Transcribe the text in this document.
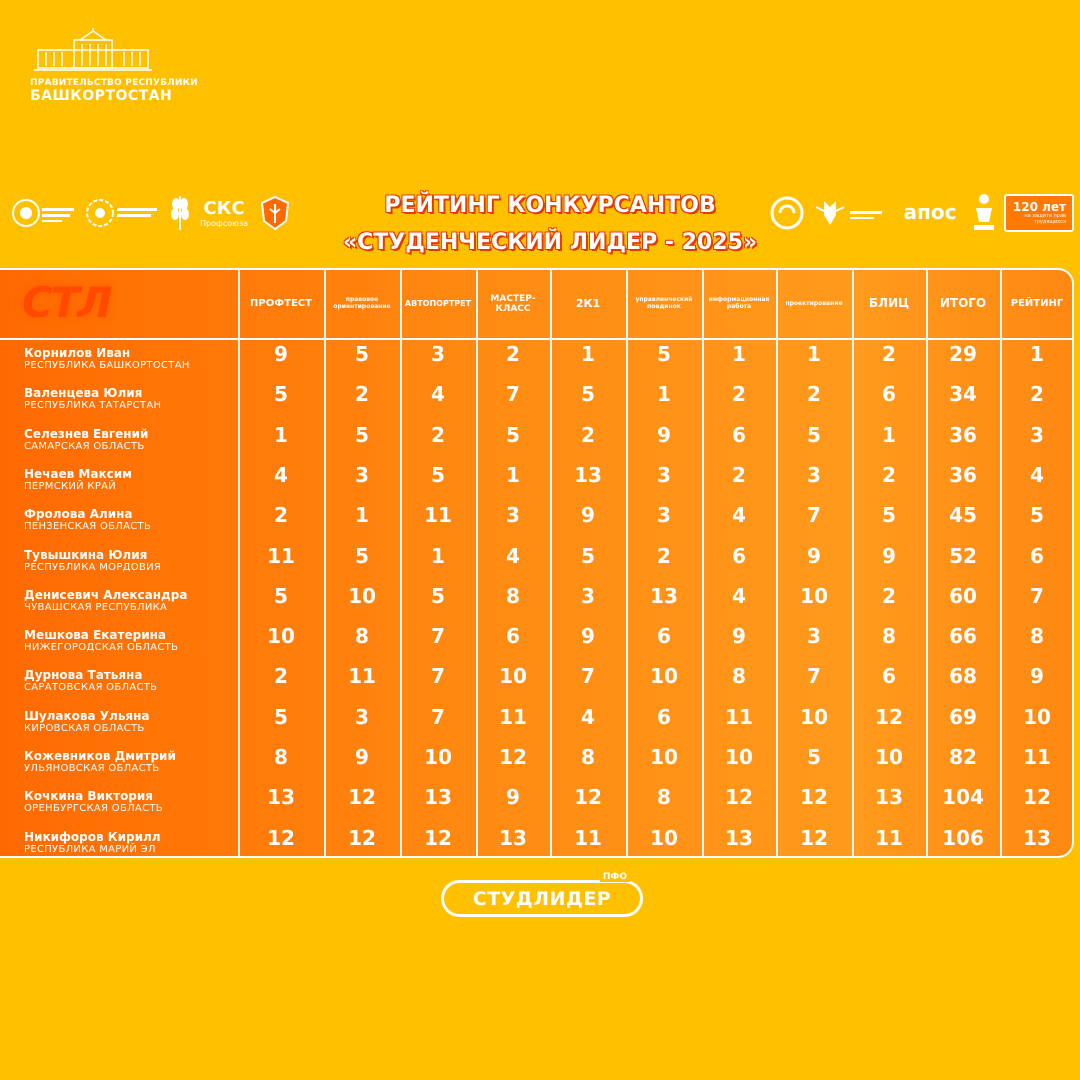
ПРАВИТЕЛЬСТВО РЕСПУБЛИКИ
БАШКОРТОСТАН
СКС
Профсоюза
РЕЙТИНГ КОНКУРСАНТОВ
«СТУДЕНЧЕСКИЙ ЛИДЕР - 2025»
апос	120 лет
на защите прав трудящихся
СТЛ	ПРОФТЕСТ	правовое ориентирование	АВТОПОРТРЕТ
МАСТЕР-КЛАСС	2К1	управленческий поединок
информационная работа	проектирование	БЛИЦ	ИТОГО	РЕЙТИНГ
Корнилов Иван
РЕСПУБЛИКА БАШКОРТОСТАН	9	5	3	2	1	5	1	1	2	29	1
Валенцева Юлия
РЕСПУБЛИКА ТАТАРСТАН	5	2	4	7	5	1	2	2	6	34	2
Селезнев Евгений
САМАРСКАЯ ОБЛАСТЬ	1	5	2	5	2	9	6	5	1	36	3
Нечаев Максим
ПЕРМСКИЙ КРАЙ	4	3	5	1	13	3	2	3	2	36	4
Фролова Алина
ПЕНЗЕНСКАЯ ОБЛАСТЬ	2	1	11	3	9	3	4	7	5	45	5
Тувышкина Юлия
РЕСПУБЛИКА МОРДОВИЯ	11	5	1	4	5	2	6	9	9	52	6
Денисевич Александра
ЧУВАШСКАЯ РЕСПУБЛИКА	5	10	5	8	3	13	4	10	2	60	7
Мешкова Екатерина
НИЖЕГОРОДСКАЯ ОБЛАСТЬ	10	8	7	6	9	6	9	3	8	66	8
Дурнова Татьяна
САРАТОВСКАЯ ОБЛАСТЬ	2	11	7	10	7	10	8	7	6	68	9
Шулакова Ульяна
КИРОВСКАЯ ОБЛАСТЬ	5	3	7	11	4	6	11 10 12 69 10
Кожевников Дмитрий
УЛЬЯНОВСКАЯ ОБЛАСТЬ	8	9	10 12	8	10 10	5	10 82 11
Кочкина Виктория
ОРЕНБУРГСКАЯ ОБЛАСТЬ	13	12 13	9	12	8	12 12 13 104 12
Никифоров Кирилл
РЕСПУБЛИКА МАРИЙ ЭЛ	12	12 12 13 11 10 13 12 11 106 13
СТУДЛИДЕР
ПФО
